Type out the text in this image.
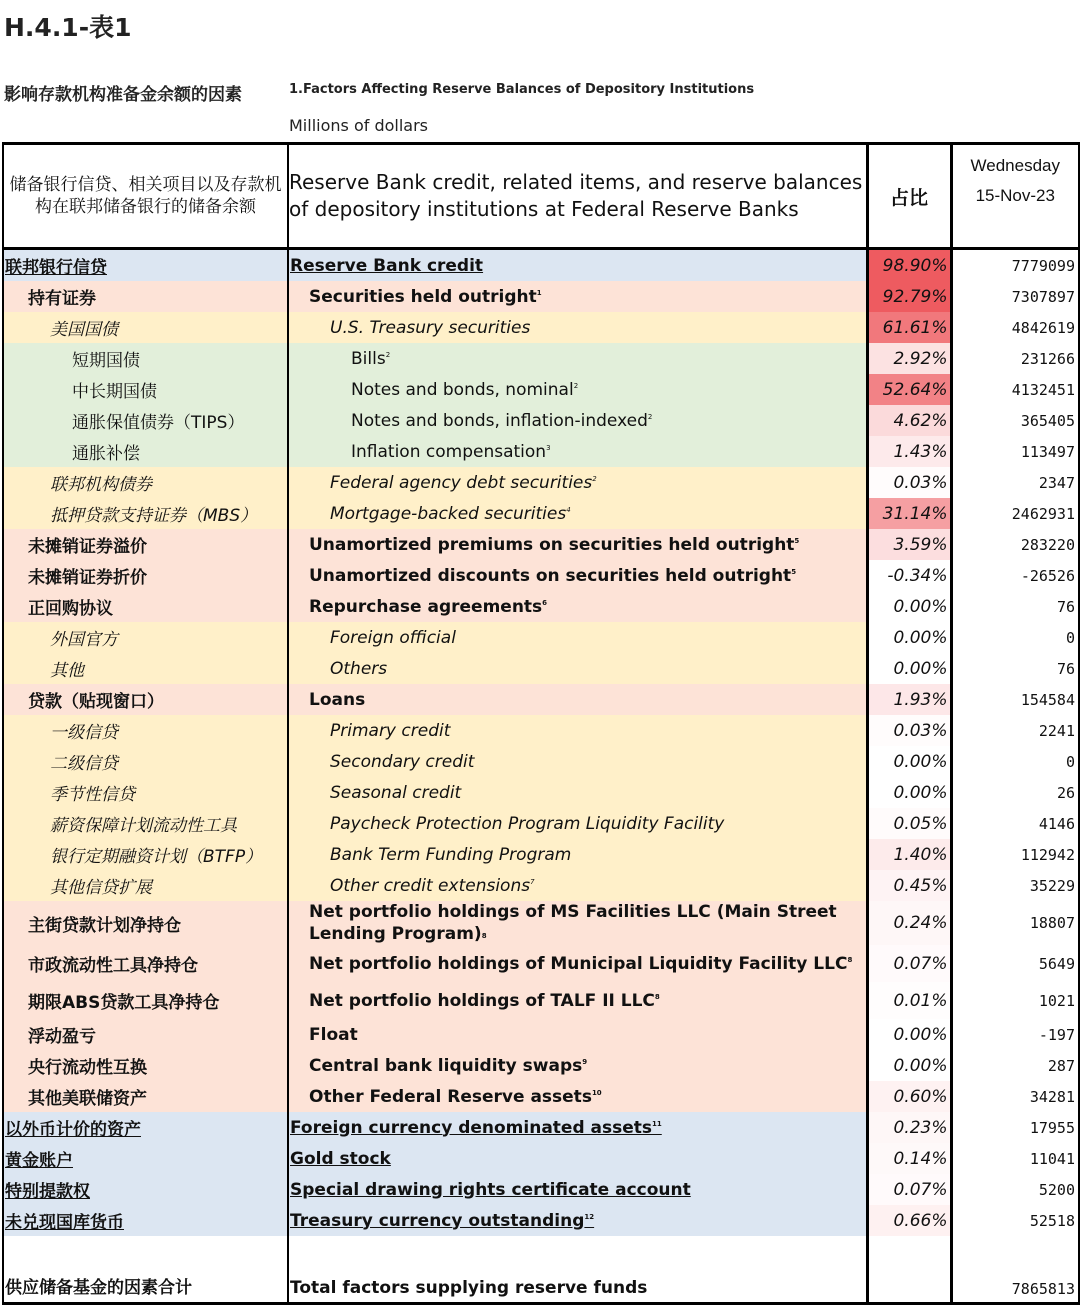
H.4.1-表1
影响存款机构准备金余额的因素	1.Factors Affecting Reserve Balances of Depository Institutions
Millions of dollars
储备银行信贷、相关项目以及存款机构在联邦储备银行的储备余额	Reserve Bank credit, related items, and reserve balances of depository institutions at Federal Reserve Banks	占比	Wednesday
15-Nov-23

联邦银行信贷	Reserve Bank credit	98.90%	7779099
持有证券	Securities held outright$^1$	92.79%	7307897
美国国债	U.S. Treasury securities	61.61%	4842619
短期国债	Bills$^2$	2.92%	231266
中长期国债	Notes and bonds, nominal$^2$	52.64%	4132451
通胀保值债券（TIPS）	Notes and bonds, inflation-indexed$^2$	4.62%	365405
通胀补偿	Inflation compensation$^3$	1.43%	113497
联邦机构债券	Federal agency debt securities$^2$	0.03%	2347
抵押贷款支持证券（MBS）	Mortgage-backed securities$^4$	31.14%	2462931
未摊销证券溢价	Unamortized premiums on securities held outright$^5$	3.59%	283220
未摊销证券折价	Unamortized discounts on securities held outright$^5$	-0.34%	-26526
正回购协议	Repurchase agreements$^6$	0.00%	76
外国官方	Foreign official	0.00%	0
其他	Others	0.00%	76
贷款（贴现窗口）	Loans	1.93%	154584
一级信贷	Primary credit	0.03%	2241
二级信贷	Secondary credit	0.00%	0
季节性信贷	Seasonal credit	0.00%	26
薪资保障计划流动性工具	Paycheck Protection Program Liquidity Facility	0.05%	4146
银行定期融资计划（BTFP）	Bank Term Funding Program	1.40%	112942
其他信贷扩展	Other credit extensions$^7$	0.45%	35229
主街贷款计划净持仓	Net portfolio holdings of MS Facilities LLC (Main Street Lending Program)$^8$	0.24%	18807
市政流动性工具净持仓	Net portfolio holdings of Municipal Liquidity Facility LLC$^8$	0.07%	5649
期限ABS贷款工具净持仓	Net portfolio holdings of TALF II LLC$^8$	0.01%	1021
浮动盈亏	Float	0.00%	-197
央行流动性互换	Central bank liquidity swaps$^9$	0.00%	287
其他美联储资产	Other Federal Reserve assets$^{10}$	0.60%	34281
以外币计价的资产	Foreign currency denominated assets$^{11}$	0.23%	17955
黄金账户	Gold stock	0.14%	11041
特别提款权	Special drawing rights certificate account	0.07%	5200
未兑现国库货币	Treasury currency outstanding$^{12}$	0.66%	52518
供应储备基金的因素合计	Total factors supplying reserve funds		7865813
